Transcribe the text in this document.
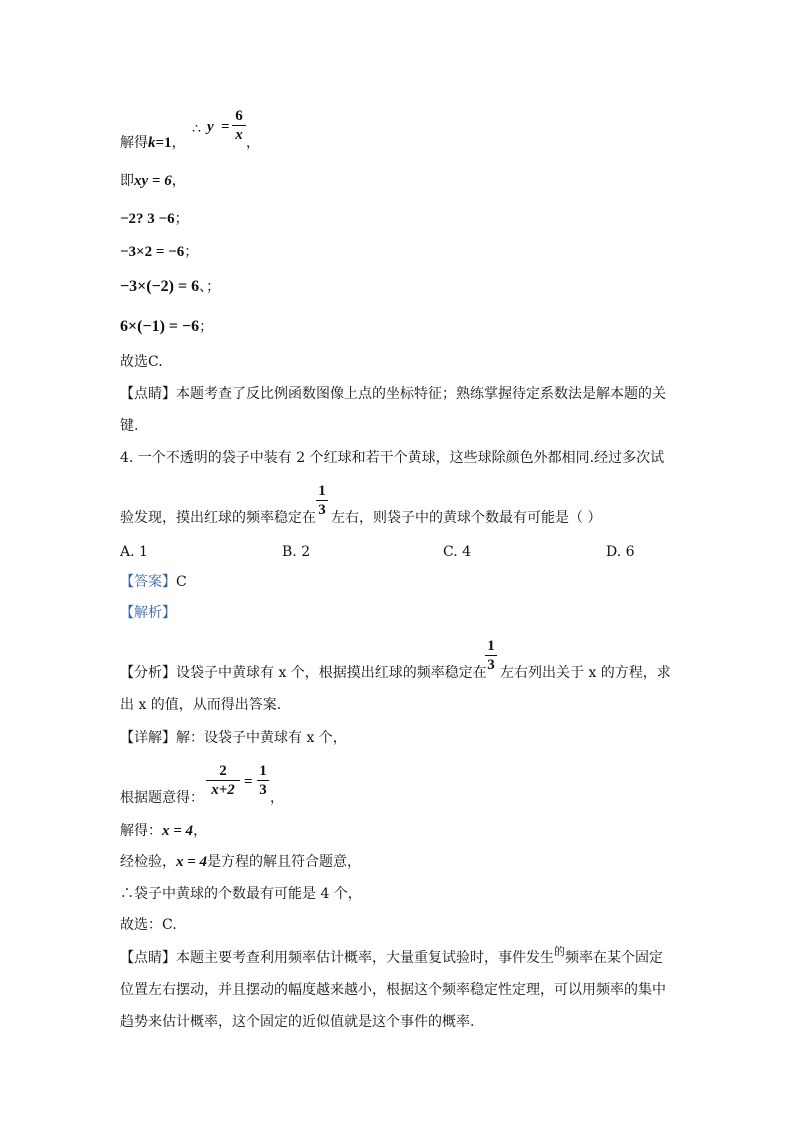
解得k=1，
∴ y =
6
x ，
即xy = 6，
−2? 3 −6；
−3×2 = −6；
−3×(−2) = 6、；
6×(−1) = −6；
故选C.
【点睛】本题考查了反比例函数图像上点的坐标特征；熟练掌握待定系数法是解本题的关
键.
4. 一个不透明的袋子中装有 2 个红球和若干个黄球，这些球除颜色外都相同.经过多次试
验发现，摸出红球的频率稳定在
1
3 左右，则袋子中的黄球个数最有可能是（ ）
A. 1	B. 2	C. 4	D. 6
【答案】C
【解析】
【分析】设袋子中黄球有 x 个，根据摸出红球的频率稳定在
1
3 左右列出关于 x 的方程，求
出 x 的值，从而得出答案.
【详解】解：设袋子中黄球有 x 个，
根据题意得：
2
x+2 =
1
3 ，
解得：x = 4，
经检验，x = 4是方程的解且符合题意，
∴袋子中黄球的个数最有可能是 4 个，
故选：C.
【点睛】本题主要考查利用频率估计概率，大量重复试验时，事件发生$^的$频率在某个固定
位置左右摆动，并且摆动的幅度越来越小，根据这个频率稳定性定理，可以用频率的集中
趋势来估计概率，这个固定的近似值就是这个事件的概率.
